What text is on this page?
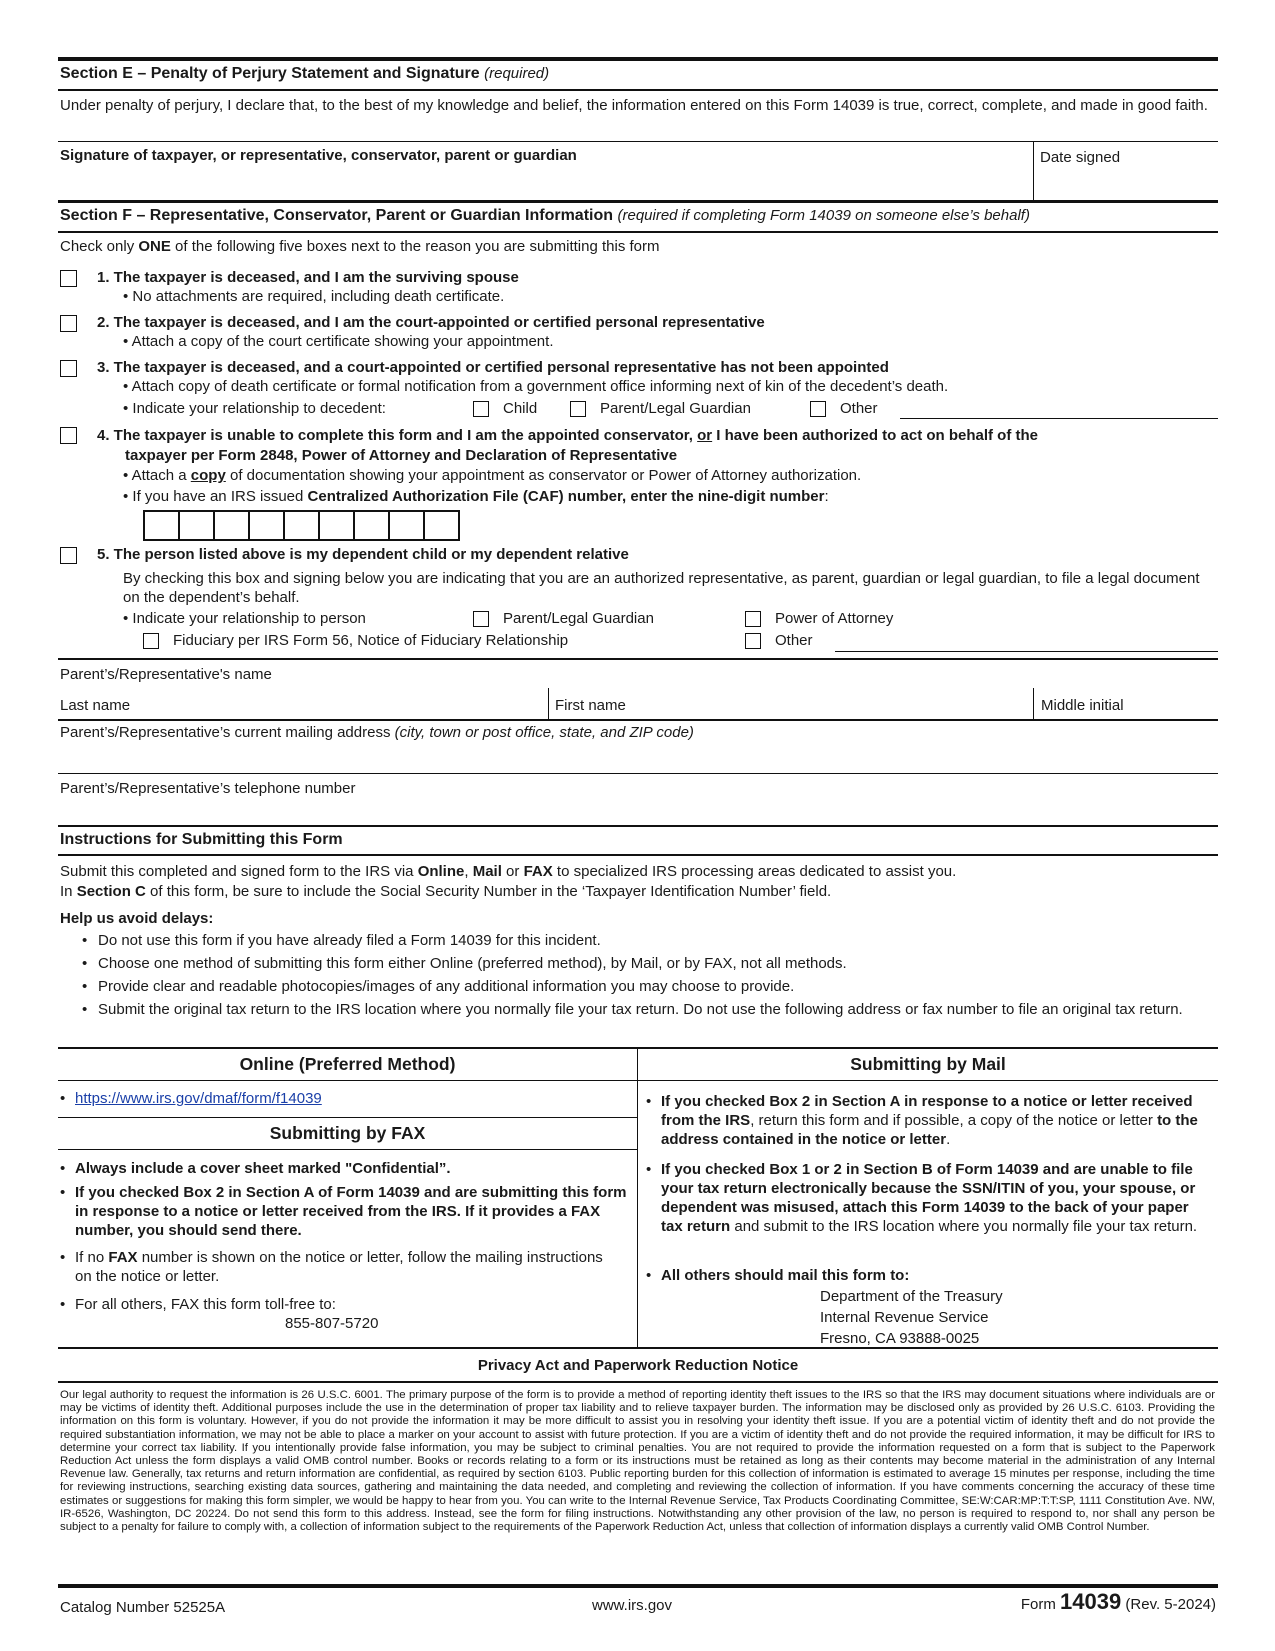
Section E – Penalty of Perjury Statement and Signature (required)
Under penalty of perjury, I declare that, to the best of my knowledge and belief, the information entered on this Form 14039 is true, correct, complete, and made in good faith.
Signature of taxpayer, or representative, conservator, parent or guardian	Date signed
Section F – Representative, Conservator, Parent or Guardian Information (required if completing Form 14039 on someone else’s behalf)
Check only ONE of the following five boxes next to the reason you are submitting this form
1. The taxpayer is deceased, and I am the surviving spouse
• No attachments are required, including death certificate.
2. The taxpayer is deceased, and I am the court-appointed or certified personal representative
• Attach a copy of the court certificate showing your appointment.
3. The taxpayer is deceased, and a court-appointed or certified personal representative has not been appointed
• Attach copy of death certificate or formal notification from a government office informing next of kin of the decedent’s death.
• Indicate your relationship to decedent:	Child	Parent/Legal Guardian	Other
4. The taxpayer is unable to complete this form and I am the appointed conservator, or I have been authorized to act on behalf of the
taxpayer per Form 2848, Power of Attorney and Declaration of Representative
• Attach a copy of documentation showing your appointment as conservator or Power of Attorney authorization.
• If you have an IRS issued Centralized Authorization File (CAF) number, enter the nine-digit number:
5. The person listed above is my dependent child or my dependent relative
By checking this box and signing below you are indicating that you are an authorized representative, as parent, guardian or legal guardian, to file a legal document on the dependent’s behalf.
• Indicate your relationship to person	Parent/Legal Guardian	Power of Attorney
Fiduciary per IRS Form 56, Notice of Fiduciary Relationship	Other
Parent’s/Representative's name
Last name	First name	Middle initial
Parent’s/Representative’s current mailing address (city, town or post office, state, and ZIP code)
Parent’s/Representative’s telephone number
Instructions for Submitting this Form
Submit this completed and signed form to the IRS via Online, Mail or FAX to specialized IRS processing areas dedicated to assist you.
In Section C of this form, be sure to include the Social Security Number in the ‘Taxpayer Identification Number’ field.
Help us avoid delays:
• Do not use this form if you have already filed a Form 14039 for this incident.
• Choose one method of submitting this form either Online (preferred method), by Mail, or by FAX, not all methods.
• Provide clear and readable photocopies/images of any additional information you may choose to provide.
• Submit the original tax return to the IRS location where you normally file your tax return. Do not use the following address or fax number to file an original tax return.
Online (Preferred Method)	Submitting by Mail
• https://www.irs.gov/dmaf/form/f14039
Submitting by FAX
• Always include a cover sheet marked "Confidential”.
• If you checked Box 2 in Section A of Form 14039 and are submitting this form in response to a notice or letter received from the IRS. If it provides a FAX number, you should send there.
• If no FAX number is shown on the notice or letter, follow the mailing instructions on the notice or letter.
• For all others, FAX this form toll-free to:
855-807-5720
• If you checked Box 2 in Section A in response to a notice or letter received from the IRS, return this form and if possible, a copy of the notice or letter to the address contained in the notice or letter.
• If you checked Box 1 or 2 in Section B of Form 14039 and are unable to file your tax return electronically because the SSN/ITIN of you, your spouse, or dependent was misused, attach this Form 14039 to the back of your paper tax return and submit to the IRS location where you normally file your tax return.
• All others should mail this form to:
Department of the Treasury
Internal Revenue Service
Fresno, CA 93888-0025
Privacy Act and Paperwork Reduction Notice
Our legal authority to request the information is 26 U.S.C. 6001. The primary purpose of the form is to provide a method of reporting identity theft issues to the IRS so that the IRS may document situations where individuals are or may be victims of identity theft. Additional purposes include the use in the determination of proper tax liability and to relieve taxpayer burden. The information may be disclosed only as provided by 26 U.S.C. 6103. Providing the information on this form is voluntary. However, if you do not provide the information it may be more difficult to assist you in resolving your identity theft issue. If you are a potential victim of identity theft and do not provide the required substantiation information, we may not be able to place a marker on your account to assist with future protection. If you are a victim of identity theft and do not provide the required information, it may be difficult for IRS to determine your correct tax liability. If you intentionally provide false information, you may be subject to criminal penalties. You are not required to provide the information requested on a form that is subject to the Paperwork Reduction Act unless the form displays a valid OMB control number. Books or records relating to a form or its instructions must be retained as long as their contents may become material in the administration of any Internal Revenue law. Generally, tax returns and return information are confidential, as required by section 6103. Public reporting burden for this collection of information is estimated to average 15 minutes per response, including the time for reviewing instructions, searching existing data sources, gathering and maintaining the data needed, and completing and reviewing the collection of information. If you have comments concerning the accuracy of these time estimates or suggestions for making this form simpler, we would be happy to hear from you. You can write to the Internal Revenue Service, Tax Products Coordinating Committee, SE:W:CAR:MP:T:T:SP, 1111 Constitution Ave. NW, IR-6526, Washington, DC 20224. Do not send this form to this address. Instead, see the form for filing instructions. Notwithstanding any other provision of the law, no person is required to respond to, nor shall any person be subject to a penalty for failure to comply with, a collection of information subject to the requirements of the Paperwork Reduction Act, unless that collection of information displays a currently valid OMB Control Number.
Catalog Number 52525A	www.irs.gov	Form 14039 (Rev. 5-2024)
